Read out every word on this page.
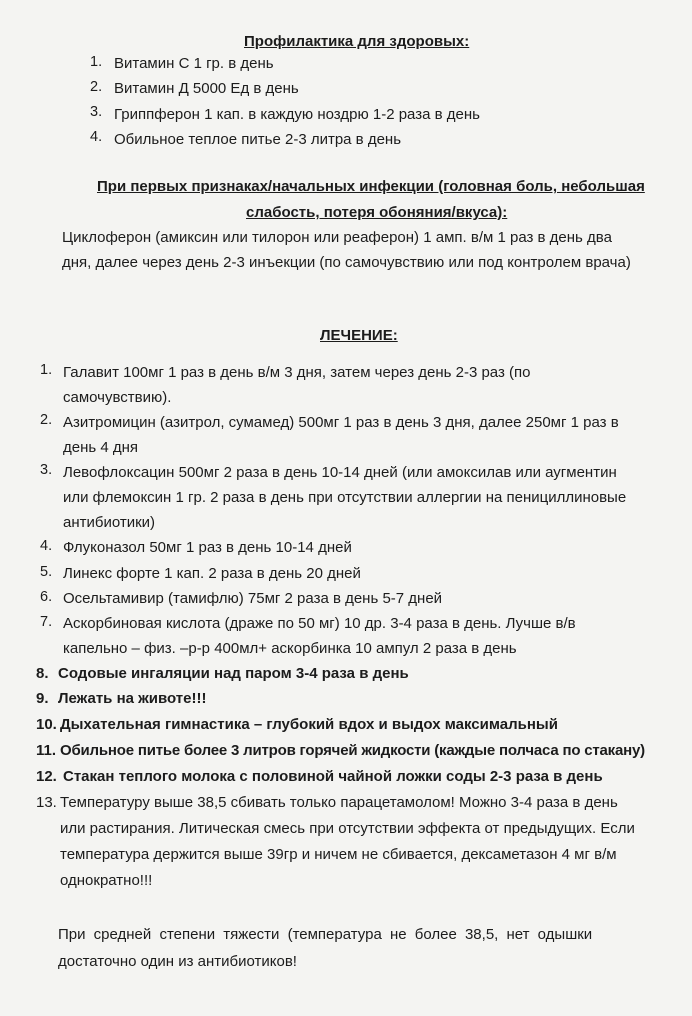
Профилактика для здоровых:
1. Витамин С 1 гр. в день
2. Витамин Д 5000 Ед в день
3. Гриппферон 1 кап. в каждую ноздрю 1-2 раза в день
4. Обильное теплое питье 2-3 литра в день
При первых признаках/начальных инфекции (головная боль, небольшая
слабость, потеря обоняния/вкуса):
Циклоферон (амиксин или тилорон или реаферон) 1 амп. в/м 1 раз в день два
дня, далее через день 2-3 инъекции (по самочувствию или под контролем врача)
ЛЕЧЕНИЕ:
1. Галавит 100мг 1 раз в день в/м 3 дня, затем через день 2-3 раз (по
самочувствию).
2. Азитромицин (азитрол, сумамед) 500мг 1 раз в день 3 дня, далее 250мг 1 раз в
день 4 дня
3. Левофлоксацин 500мг 2 раза в день 10-14 дней (или амоксилав или аугментин
или флемоксин 1 гр. 2 раза в день при отсутствии аллергии на пенициллиновые
антибиотики)
4. Флуконазол 50мг 1 раз в день 10-14 дней
5. Линекс форте 1 кап. 2 раза в день 20 дней
6. Осельтамивир (тамифлю) 75мг 2 раза в день 5-7 дней
7. Аскорбиновая кислота (драже по 50 мг) 10 др. 3-4 раза в день. Лучше в/в
капельно – физ. –р-р 400мл+ аскорбинка 10 ампул 2 раза в день
8. Содовые ингаляции над паром 3-4 раза в день
9. Лежать на животе!!!
10. Дыхательная гимнастика – глубокий вдох и выдох максимальный
11. Обильное питье более 3 литров горячей жидкости (каждые полчаса по стакану)
12. Стакан теплого молока с половиной чайной ложки соды 2-3 раза в день
13. Температуру выше 38,5 сбивать только парацетамолом! Можно 3-4 раза в день
или растирания. Литическая смесь при отсутствии эффекта от предыдущих. Если
температура держится выше 39гр и ничем не сбивается, дексаметазон 4 мг в/м
однократно!!!
При средней степени тяжести (температура не более 38,5, нет одышки
достаточно один из антибиотиков!
